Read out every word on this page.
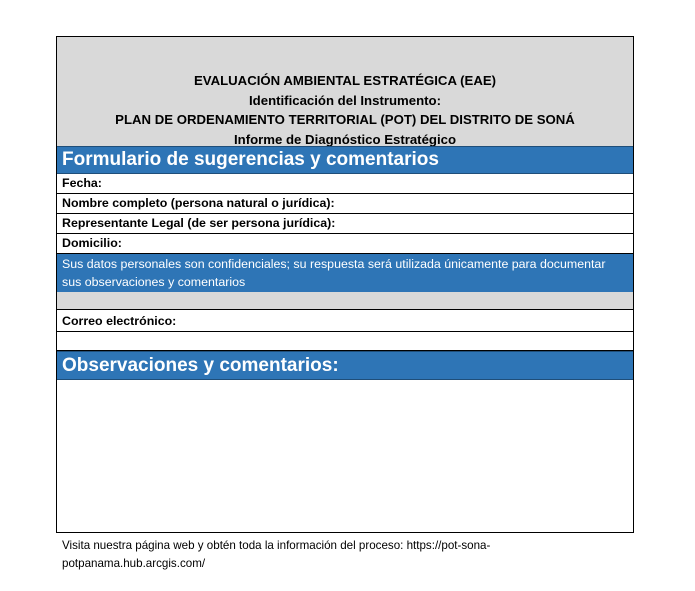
EVALUACIÓN AMBIENTAL ESTRATÉGICA (EAE)
Identificación del Instrumento:
PLAN DE ORDENAMIENTO TERRITORIAL (POT) DEL DISTRITO DE SONÁ
Informe de Diagnóstico Estratégico
Formulario de sugerencias y comentarios
Fecha:
Nombre completo (persona natural o jurídica):
Representante Legal (de ser persona jurídica):
Domicilio:
Sus datos personales son confidenciales; su respuesta será utilizada únicamente para documentar sus observaciones y comentarios
Correo electrónico:
Observaciones y comentarios:
Visita nuestra página web y obtén toda la información del proceso: https://pot-sona-potpanama.hub.arcgis.com/
